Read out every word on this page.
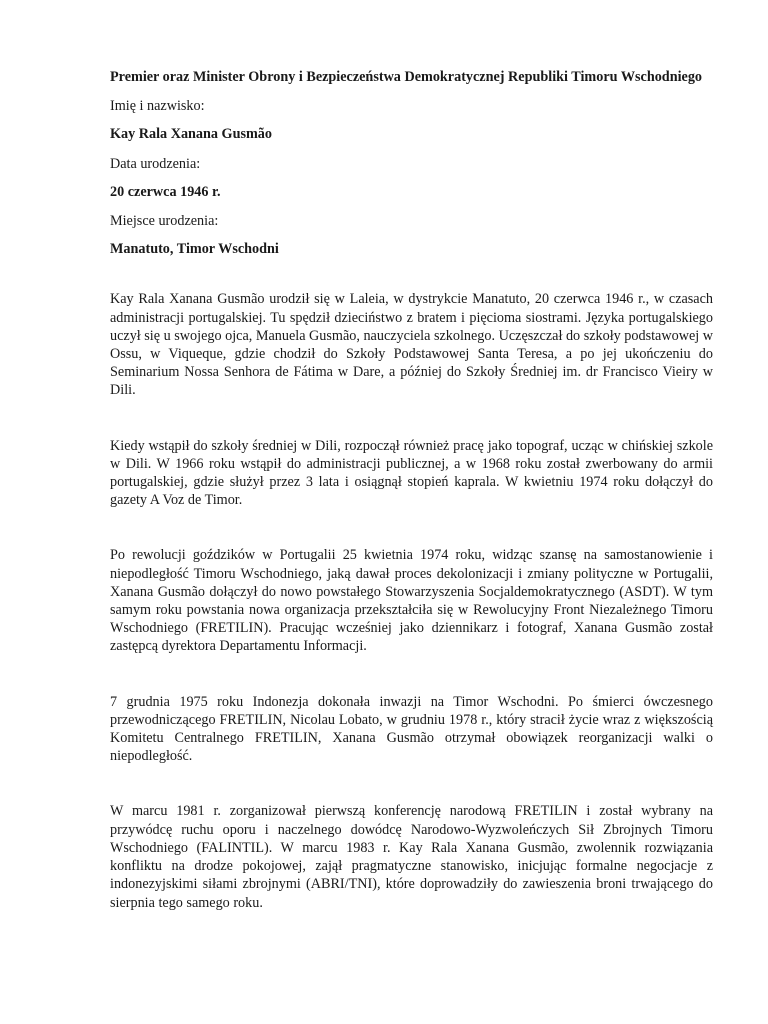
Premier oraz Minister Obrony i Bezpieczeństwa Demokratycznej Republiki Timoru Wschodniego

Imię i nazwisko:

Kay Rala Xanana Gusmão

Data urodzenia:

20 czerwca 1946 r.

Miejsce urodzenia:

Manatuto, Timor Wschodni

Kay Rala Xanana Gusmão urodził się w Laleia, w dystrykcie Manatuto, 20 czerwca 1946 r., w czasach administracji portugalskiej. Tu spędził dzieciństwo z bratem i pięcioma siostrami. Języka portugalskiego uczył się u swojego ojca, Manuela Gusmão, nauczyciela szkolnego. Uczęszczał do szkoły podstawowej w Ossu, w Viqueque, gdzie chodził do Szkoły Podstawowej Santa Teresa, a po jej ukończeniu do Seminarium Nossa Senhora de Fátima w Dare, a później do Szkoły Średniej im. dr Francisco Vieiry w Dili.

Kiedy wstąpił do szkoły średniej w Dili, rozpoczął również pracę jako topograf, ucząc w chińskiej szkole w Dili. W 1966 roku wstąpił do administracji publicznej, a w 1968 roku został zwerbowany do armii portugalskiej, gdzie służył przez 3 lata i osiągnął stopień kaprala. W kwietniu 1974 roku dołączył do gazety A Voz de Timor.

Po rewolucji goździków w Portugalii 25 kwietnia 1974 roku, widząc szansę na samostanowienie i niepodległość Timoru Wschodniego, jaką dawał proces dekolonizacji i zmiany polityczne w Portugalii, Xanana Gusmão dołączył do nowo powstałego Stowarzyszenia Socjaldemokratycznego (ASDT). W tym samym roku powstania nowa organizacja przekształciła się w Rewolucyjny Front Niezależnego Timoru Wschodniego (FRETILIN). Pracując wcześniej jako dziennikarz i fotograf, Xanana Gusmão został zastępcą dyrektora Departamentu Informacji.

7 grudnia 1975 roku Indonezja dokonała inwazji na Timor Wschodni. Po śmierci ówczesnego przewodniczącego FRETILIN, Nicolau Lobato, w grudniu 1978 r., który stracił życie wraz z większością Komitetu Centralnego FRETILIN, Xanana Gusmão otrzymał obowiązek reorganizacji walki o niepodległość.

W marcu 1981 r. zorganizował pierwszą konferencję narodową FRETILIN i został wybrany na przywódcę ruchu oporu i naczelnego dowódcę Narodowo-Wyzwoleńczych Sił Zbrojnych Timoru Wschodniego (FALINTIL). W marcu 1983 r. Kay Rala Xanana Gusmão, zwolennik rozwiązania konfliktu na drodze pokojowej, zajął pragmatyczne stanowisko, inicjując formalne negocjacje z indonezyjskimi siłami zbrojnymi (ABRI/TNI), które doprowadziły do zawieszenia broni trwającego do sierpnia tego samego roku.
